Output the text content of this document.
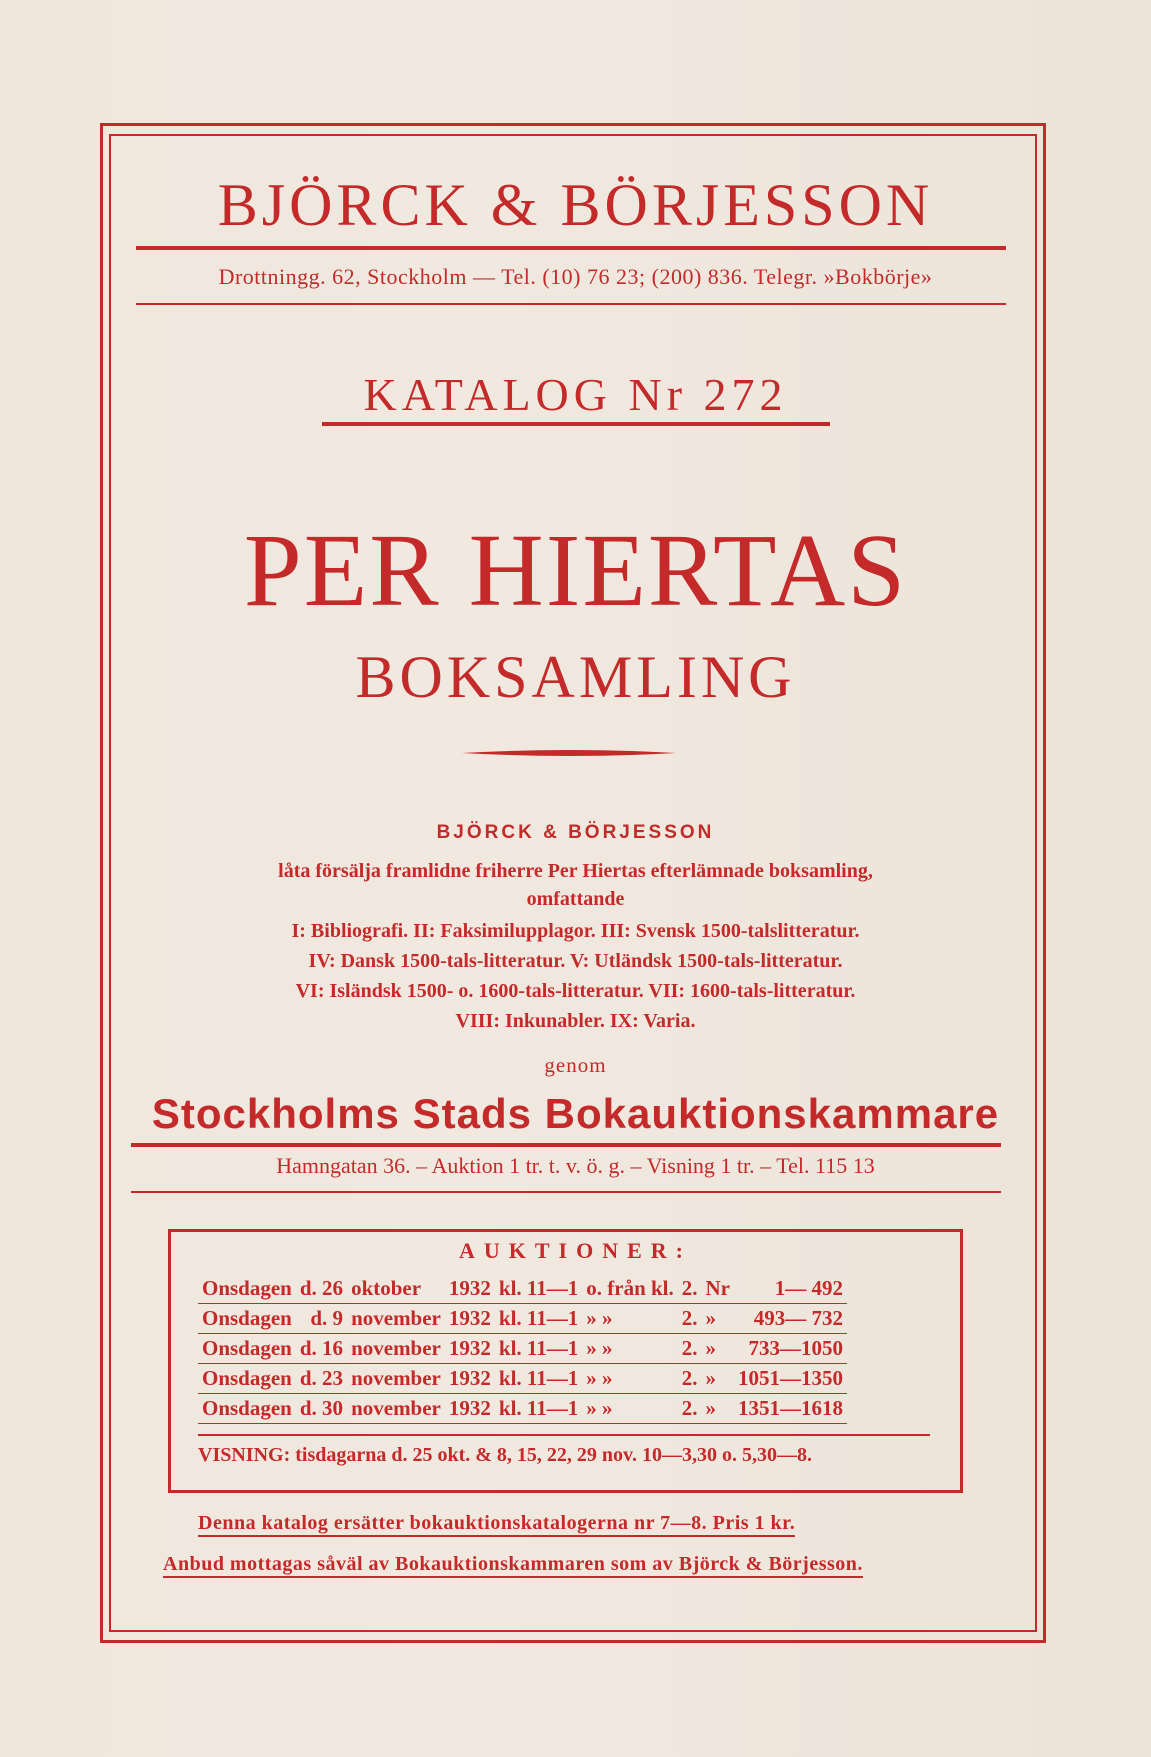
BJÖRCK & BÖRJESSON
Drottningg. 62, Stockholm — Tel. (10) 76 23; (200) 836. Telegr. »Bokbörje»
KATALOG Nr 272
PER HIERTAS
BOKSAMLING
BJÖRCK & BÖRJESSON
låta försälja framlidne friherre Per Hiertas efterlämnade boksamling,
omfattande
I: Bibliografi. II: Faksimilupplagor. III: Svensk 1500-talslitteratur.
IV: Dansk 1500-tals-litteratur. V: Utländsk 1500-tals-litteratur.
VI: Isländsk 1500- o. 1600-tals-litteratur. VII: 1600-tals-litteratur.
VIII: Inkunabler. IX: Varia.
genom
Stockholms Stads Bokauktionskammare
Hamngatan 36. – Auktion 1 tr. t. v. ö. g. – Visning 1 tr. – Tel. 115 13
AUKTIONER:
Onsdagen	d. 26	oktober	1932	kl. 11—1	o. från kl.	2.	Nr	1— 492
Onsdagen	d. 9	november	1932	kl. 11—1	» »	2.	»	493— 732
Onsdagen	d. 16	november	1932	kl. 11—1	» »	2.	»	733—1050
Onsdagen	d. 23	november	1932	kl. 11—1	» »	2.	»	1051—1350
Onsdagen	d. 30	november	1932	kl. 11—1	» »	2.	»	1351—1618
VISNING: tisdagarna d. 25 okt. & 8, 15, 22, 29 nov. 10—3,30 o. 5,30—8.
Denna katalog ersätter bokauktionskatalogerna nr 7—8. Pris 1 kr.
Anbud mottagas såväl av Bokauktionskammaren som av Björck & Börjesson.
